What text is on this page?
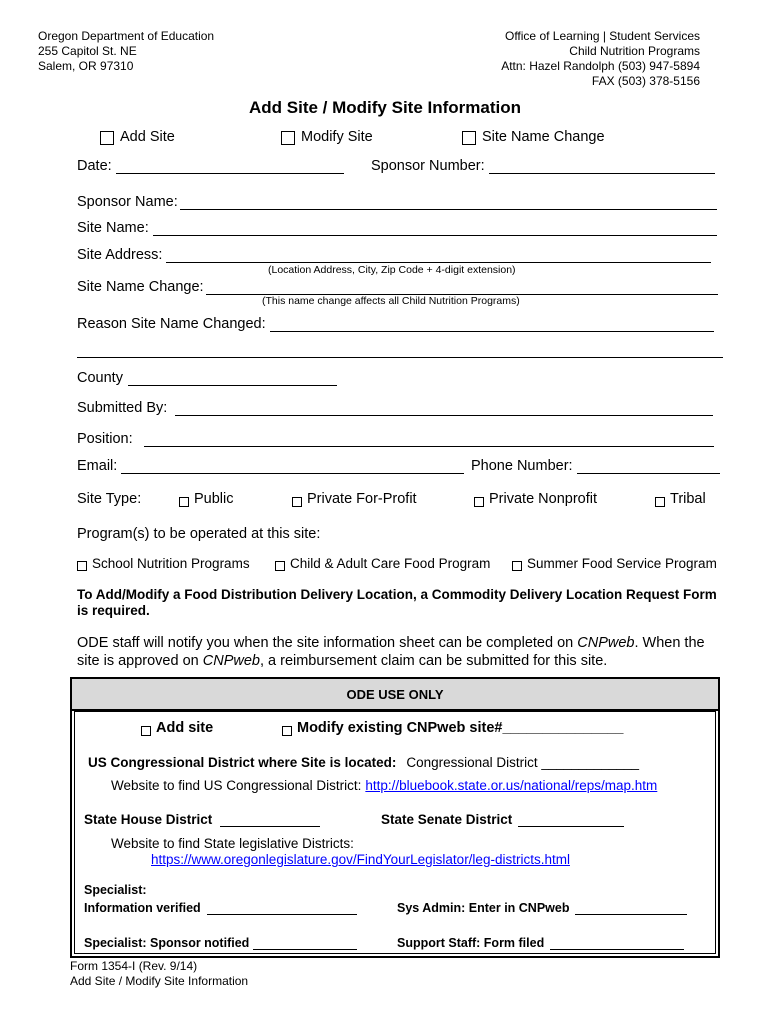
Oregon Department of Education
255 Capitol St. NE
Salem, OR 97310
Office of Learning | Student Services
Child Nutrition Programs
Attn: Hazel Randolph (503) 947-5894
FAX (503) 378-5156
Add Site / Modify Site Information
Add Site	Modify Site	Site Name Change
Date:	Sponsor Number:
Sponsor Name:
Site Name:
Site Address:
(Location Address, City, Zip Code + 4-digit extension)
Site Name Change:
(This name change affects all Child Nutrition Programs)
Reason Site Name Changed:
County
Submitted By:
Position:
Email:	Phone Number:
Site Type:	Public	Private For-Profit	Private Nonprofit	Tribal
Program(s) to be operated at this site:
School Nutrition Programs	Child & Adult Care Food Program	Summer Food Service Program
To Add/Modify a Food Distribution Delivery Location, a Commodity Delivery Location Request Form is required.
ODE staff will notify you when the site information sheet can be completed on CNPweb. When the site is approved on CNPweb, a reimbursement claim can be submitted for this site.
ODE USE ONLY
Add site	Modify existing CNPweb site#_______________
US Congressional District where Site is located: Congressional District _____________
Website to find US Congressional District: http://bluebook.state.or.us/national/reps/map.htm
State House District	State Senate District
Website to find State legislative Districts:
https://www.oregonlegislature.gov/FindYourLegislator/leg-districts.html
Specialist:
Information verified	Sys Admin: Enter in CNPweb
Specialist: Sponsor notified	Support Staff: Form filed
Form 1354-I (Rev. 9/14)
Add Site / Modify Site Information
